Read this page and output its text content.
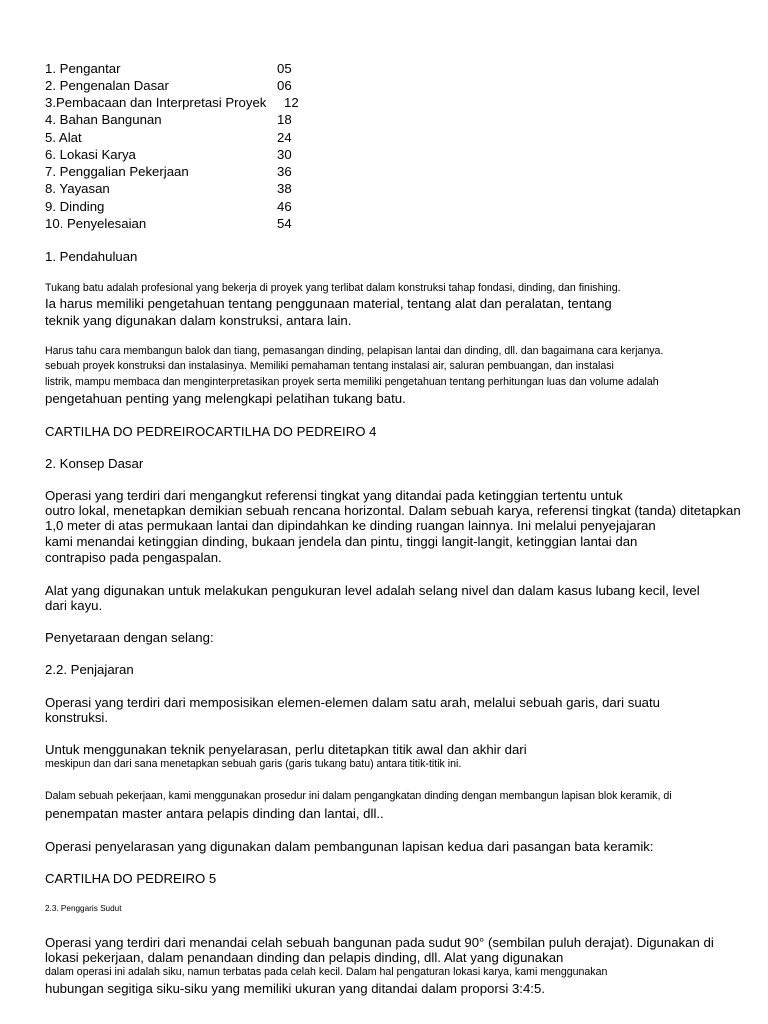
1. Pengantar	05
2. Pengenalan Dasar	06
3.Pembacaan dan Interpretasi Proyek 12
4. Bahan Bangunan	18
5. Alat	24
6. Lokasi Karya	30
7. Penggalian Pekerjaan	36
8. Yayasan	38
9. Dinding	46
10. Penyelesaian	54
1. Pendahuluan
Tukang batu adalah profesional yang bekerja di proyek yang terlibat dalam konstruksi tahap fondasi, dinding, dan finishing.
Ia harus memiliki pengetahuan tentang penggunaan material, tentang alat dan peralatan, tentang
teknik yang digunakan dalam konstruksi, antara lain.
Harus tahu cara membangun balok dan tiang, pemasangan dinding, pelapisan lantai dan dinding, dll. dan bagaimana cara kerjanya.
sebuah proyek konstruksi dan instalasinya. Memiliki pemahaman tentang instalasi air, saluran pembuangan, dan instalasi
listrik, mampu membaca dan menginterpretasikan proyek serta memiliki pengetahuan tentang perhitungan luas dan volume adalah
pengetahuan penting yang melengkapi pelatihan tukang batu.
CARTILHA DO PEDREIROCARTILHA DO PEDREIRO 4
2. Konsep Dasar
Operasi yang terdiri dari mengangkut referensi tingkat yang ditandai pada ketinggian tertentu untuk
outro lokal, menetapkan demikian sebuah rencana horizontal. Dalam sebuah karya, referensi tingkat (tanda) ditetapkan
1,0 meter di atas permukaan lantai dan dipindahkan ke dinding ruangan lainnya. Ini melalui penyejajaran
kami menandai ketinggian dinding, bukaan jendela dan pintu, tinggi langit-langit, ketinggian lantai dan
contrapiso pada pengaspalan.
Alat yang digunakan untuk melakukan pengukuran level adalah selang nivel dan dalam kasus lubang kecil, level
dari kayu.
Penyetaraan dengan selang:
2.2. Penjajaran
Operasi yang terdiri dari memposisikan elemen-elemen dalam satu arah, melalui sebuah garis, dari suatu
konstruksi.
Untuk menggunakan teknik penyelarasan, perlu ditetapkan titik awal dan akhir dari
meskipun dan dari sana menetapkan sebuah garis (garis tukang batu) antara titik-titik ini.
Dalam sebuah pekerjaan, kami menggunakan prosedur ini dalam pengangkatan dinding dengan membangun lapisan blok keramik, di
penempatan master antara pelapis dinding dan lantai, dll..
Operasi penyelarasan yang digunakan dalam pembangunan lapisan kedua dari pasangan bata keramik:
CARTILHA DO PEDREIRO 5
2.3. Penggaris Sudut
Operasi yang terdiri dari menandai celah sebuah bangunan pada sudut 90° (sembilan puluh derajat). Digunakan di
lokasi pekerjaan, dalam penandaan dinding dan pelapis dinding, dll. Alat yang digunakan
dalam operasi ini adalah siku, namun terbatas pada celah kecil. Dalam hal pengaturan lokasi karya, kami menggunakan
hubungan segitiga siku-siku yang memiliki ukuran yang ditandai dalam proporsi 3:4:5.
